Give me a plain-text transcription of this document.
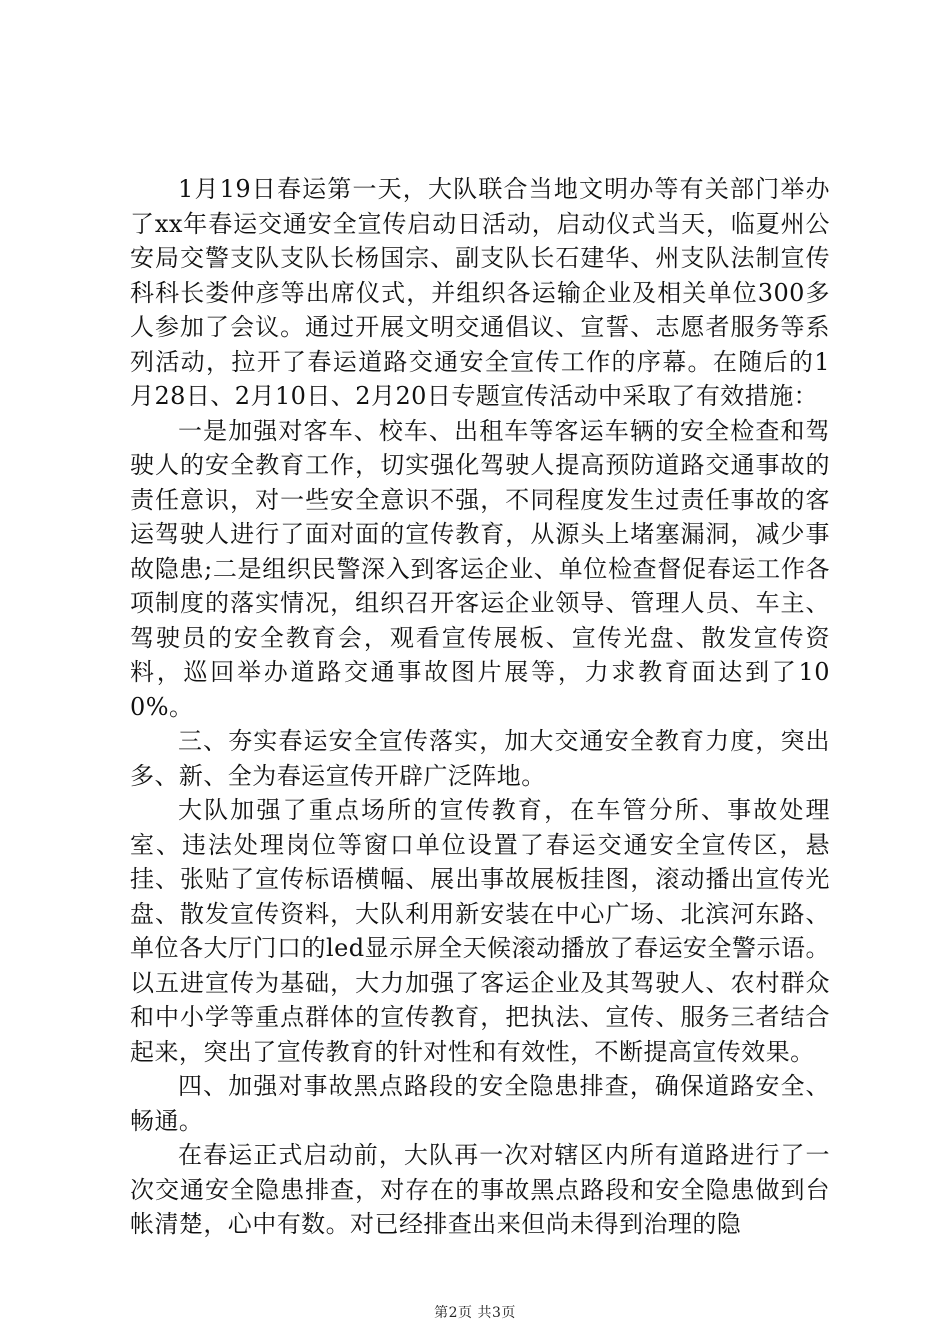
1月19日春运第一天，大队联合当地文明办等有关部门举办了xx年春运交通安全宣传启动日活动，启动仪式当天，临夏州公安局交警支队支队长杨国宗、副支队长石建华、州支队法制宣传科科长娄仲彦等出席仪式，并组织各运输企业及相关单位300多人参加了会议。通过开展文明交通倡议、宣誓、志愿者服务等系列活动，拉开了春运道路交通安全宣传工作的序幕。在随后的1月28日、2月10日、2月20日专题宣传活动中采取了有效措施：

一是加强对客车、校车、出租车等客运车辆的安全检查和驾驶人的安全教育工作，切实强化驾驶人提高预防道路交通事故的责任意识，对一些安全意识不强，不同程度发生过责任事故的客运驾驶人进行了面对面的宣传教育，从源头上堵塞漏洞，减少事故隐患;二是组织民警深入到客运企业、单位检查督促春运工作各项制度的落实情况，组织召开客运企业领导、管理人员、车主、驾驶员的安全教育会，观看宣传展板、宣传光盘、散发宣传资料，巡回举办道路交通事故图片展等，力求教育面达到了100%。

三、夯实春运安全宣传落实，加大交通安全教育力度，突出多、新、全为春运宣传开辟广泛阵地。

大队加强了重点场所的宣传教育，在车管分所、事故处理室、违法处理岗位等窗口单位设置了春运交通安全宣传区，悬挂、张贴了宣传标语横幅、展出事故展板挂图，滚动播出宣传光盘、散发宣传资料，大队利用新安装在中心广场、北滨河东路、单位各大厅门口的led显示屏全天候滚动播放了春运安全警示语。以五进宣传为基础，大力加强了客运企业及其驾驶人、农村群众和中小学等重点群体的宣传教育，把执法、宣传、服务三者结合起来，突出了宣传教育的针对性和有效性，不断提高宣传效果。

四、加强对事故黑点路段的安全隐患排查，确保道路安全、畅通。

在春运正式启动前，大队再一次对辖区内所有道路进行了一次交通安全隐患排查，对存在的事故黑点路段和安全隐患做到台帐清楚，心中有数。对已经排查出来但尚未得到治理的隐

第2页 共3页
